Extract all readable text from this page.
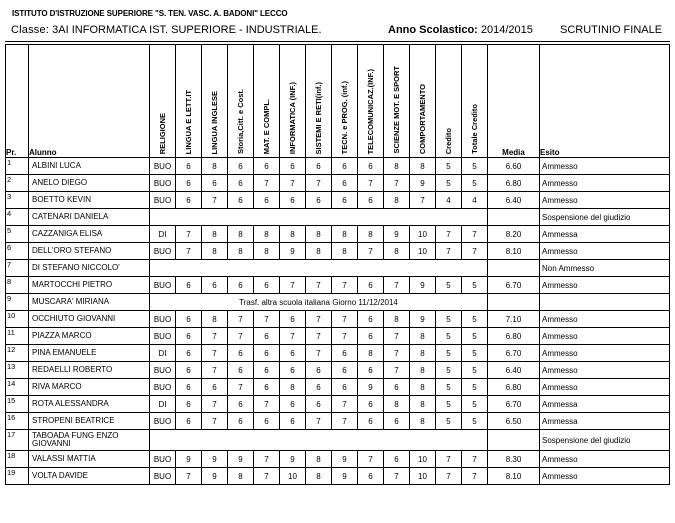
ISTITUTO D'ISTRUZIONE SUPERIORE "S. TEN. VASC. A. BADONI" LECCO
Classe: 3AI INFORMATICA IST. SUPERIORE - INDUSTRIALE.	Anno Scolastico: 2014/2015 SCRUTINIO FINALE
Pr.	Alunno	RELIGIONE	LINGUA E LETT.IT	LINGUA INGLESE	Storia,Citt. e Cost.	MAT. E COMPL.	INFORMATICA (INF.)	SISTEMI E RETI(inf.)	TECN. e PROG. (inf.)	TELECOMUNICAZ.(INF.)	SCIENZE MOT. E SPORT	COMPORTAMENTO	Credito	Totale Credito	Media	Esito
1	ALBINI LUCA	BUO	6	8	6	6	6	6	6	6	8	8	5	5	6.60	Ammesso
2	ANELO DIEGO	BUO	6	6	6	7	7	7	6	7	7	9	5	5	6.80	Ammesso
3	BOETTO KEVIN	BUO	6	7	6	6	6	6	6	6	8	7	4	4	6.40	Ammesso
4	CATENARI DANIELA															Sospensione del giudizio
5	CAZZANIGA ELISA	DI	7	8	8	8	8	8	8	8	9	10	7	7	8.20	Ammessa
6	DELL'ORO STEFANO	BUO	7	8	8	8	9	8	8	7	8	10	7	7	8.10	Ammesso
7	DI STEFANO NICCOLO'															Non Ammesso
8	MARTOCCHI PIETRO	BUO	6	6	6	6	7	7	7	6	7	9	5	5	6.70	Ammesso
9	MUSCARA' MIRIANA	Trasf. altra scuola italiana Giorno 11/12/2014														
10	OCCHIUTO GIOVANNI	BUO	6	8	7	7	6	7	7	6	8	9	5	5	7.10	Ammesso
11	PIAZZA MARCO	BUO	6	7	7	6	7	7	7	6	7	8	5	5	6.80	Ammesso
12	PINA EMANUELE	DI	6	7	6	6	6	7	6	8	7	8	5	5	6.70	Ammesso
13	REDAELLI ROBERTO	BUO	6	7	6	6	6	6	6	6	7	8	5	5	6.40	Ammesso
14	RIVA MARCO	BUO	6	6	7	6	8	6	6	9	6	8	5	5	6.80	Ammesso
15	ROTA ALESSANDRA	DI	6	7	6	7	6	6	7	6	8	8	5	5	6.70	Ammessa
16	STROPENI BEATRICE	BUO	6	7	6	6	6	7	7	6	6	8	5	5	6.50	Ammessa
17	TABOADA FUNG ENZO GIOVANNI															Sospensione del giudizio
18	VALASSI MATTIA	BUO	9	9	9	7	9	8	9	7	6	10	7	7	8.30	Ammesso
19	VOLTA DAVIDE	BUO	7	9	8	7	10	8	9	6	7	10	7	7	8.10	Ammesso
